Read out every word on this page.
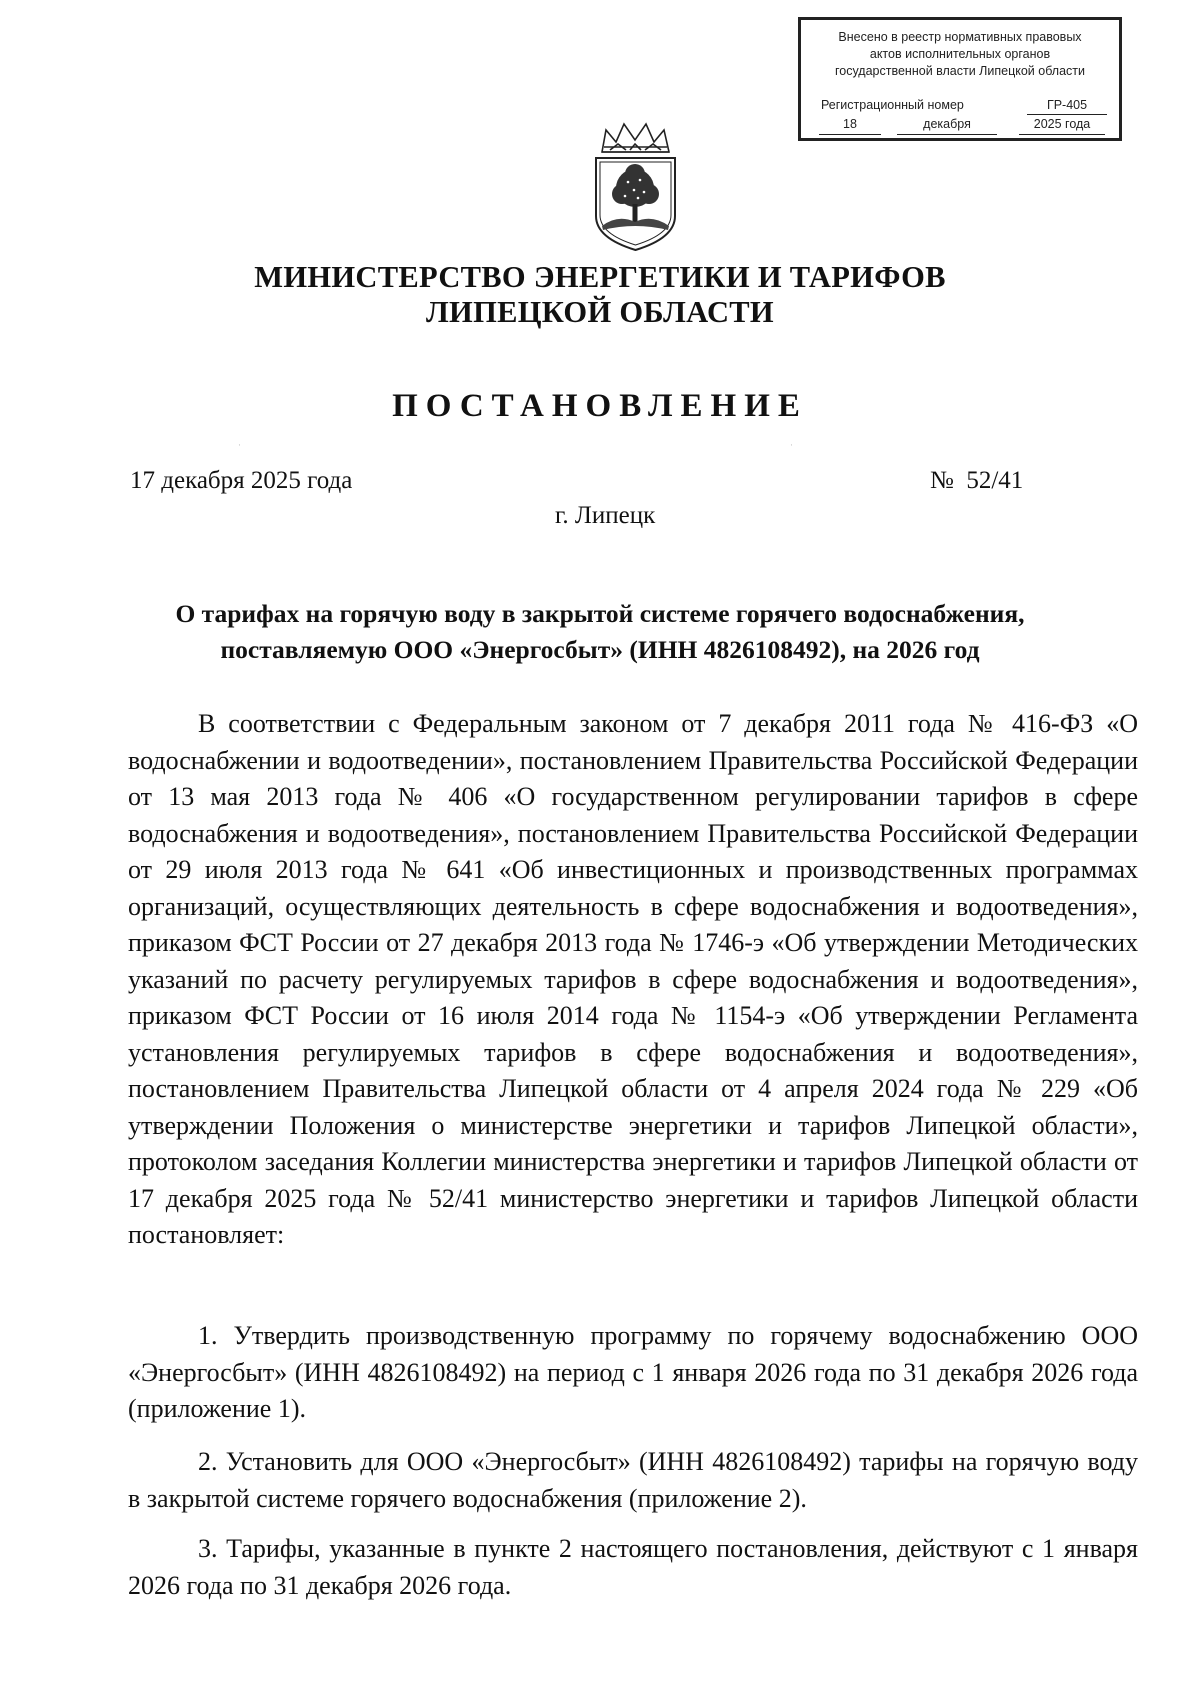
Внесено в реестр нормативных правовых
актов исполнительных органов
государственной власти Липецкой области
Регистрационный номер	ГР-405
18	декабря	2025 года
МИНИСТЕРСТВО ЭНЕРГЕТИКИ И ТАРИФОВ
ЛИПЕЦКОЙ ОБЛАСТИ
ПОСТАНОВЛЕНИЕ
·	·
17 декабря 2025 года	№  52/41
г. Липецк
О тарифах на горячую воду в закрытой системе горячего водоснабжения,
поставляемую ООО «Энергосбыт» (ИНН 4826108492), на 2026 год

В соответствии с Федеральным законом от 7 декабря 2011 года № 416-ФЗ «О водоснабжении и водоотведении», постановлением Правительства Российской Федерации от 13 мая 2013 года № 406 «О государственном регулировании тарифов в сфере водоснабжения и водоотведения», постановлением Правительства Российской Федерации от 29 июля 2013 года № 641 «Об инвестиционных и производственных программах организаций, осуществляющих деятельность в сфере водоснабжения и водоотведения», приказом ФСТ России от 27 декабря 2013 года № 1746-э «Об утверждении Методических указаний по расчету регулируемых тарифов в сфере водоснабжения и водоотведения», приказом ФСТ России от 16 июля 2014 года № 1154-э «Об утверждении Регламента установления регулируемых тарифов в сфере водоснабжения и водоотведения», постановлением Правительства Липецкой области от 4 апреля 2024 года № 229 «Об утверждении Положения о министерстве энергетики и тарифов Липецкой области», протоколом заседания Коллегии министерства энергетики и тарифов Липецкой области от 17 декабря 2025 года № 52/41 министерство энергетики и тарифов Липецкой области постановляет:

1. Утвердить производственную программу по горячему водоснабжению ООО «Энергосбыт» (ИНН 4826108492) на период с 1 января 2026 года по 31 декабря 2026 года (приложение 1).

2. Установить для ООО «Энергосбыт» (ИНН 4826108492) тарифы на горячую воду в закрытой системе горячего водоснабжения (приложение 2).

3. Тарифы, указанные в пункте 2 настоящего постановления, действуют с 1 января 2026 года по 31 декабря 2026 года.
